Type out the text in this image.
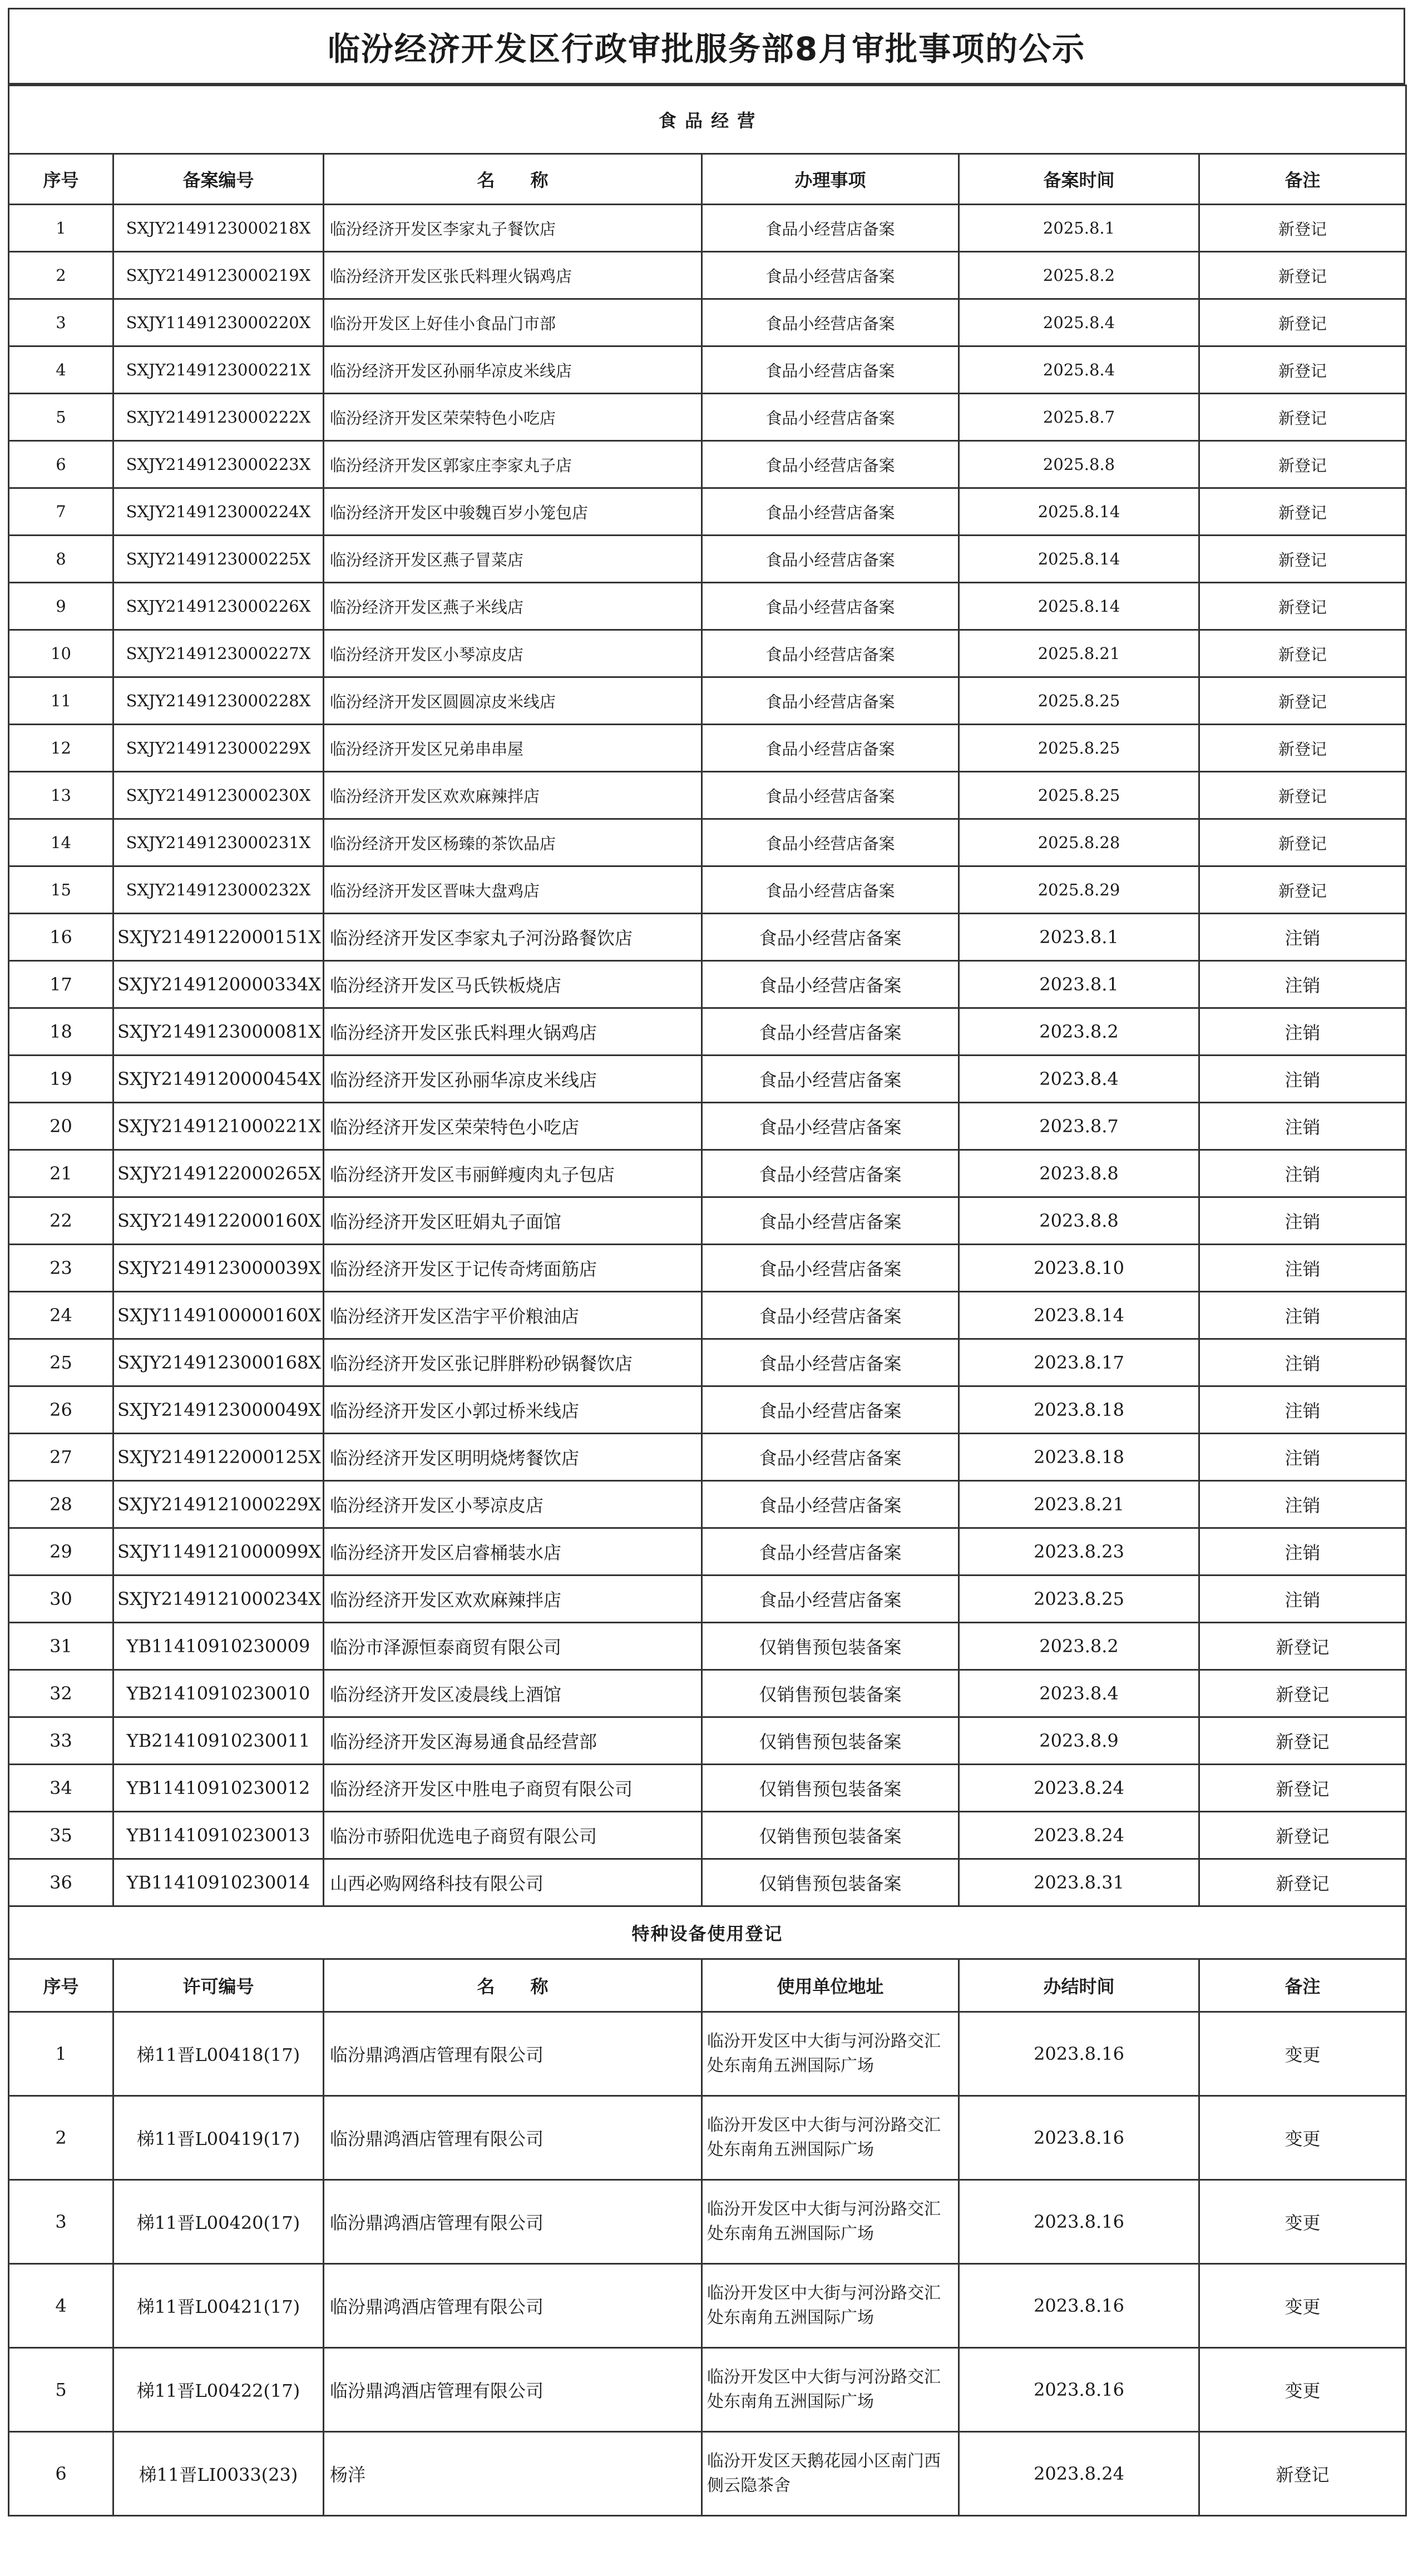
临汾经济开发区行政审批服务部8月审批事项的公示
食 品 经 营					
序号	备案编号	名　　称	办理事项	备案时间	备注
1	SXJY2149123000218X	临汾经济开发区李家丸子餐饮店	食品小经营店备案	2025.8.1	新登记
2	SXJY2149123000219X	临汾经济开发区张氏料理火锅鸡店	食品小经营店备案	2025.8.2	新登记
3	SXJY1149123000220X	临汾开发区上好佳小食品门市部	食品小经营店备案	2025.8.4	新登记
4	SXJY2149123000221X	临汾经济开发区孙丽华凉皮米线店	食品小经营店备案	2025.8.4	新登记
5	SXJY2149123000222X	临汾经济开发区荣荣特色小吃店	食品小经营店备案	2025.8.7	新登记
6	SXJY2149123000223X	临汾经济开发区郭家庄李家丸子店	食品小经营店备案	2025.8.8	新登记
7	SXJY2149123000224X	临汾经济开发区中骏魏百岁小笼包店	食品小经营店备案	2025.8.14	新登记
8	SXJY2149123000225X	临汾经济开发区燕子冒菜店	食品小经营店备案	2025.8.14	新登记
9	SXJY2149123000226X	临汾经济开发区燕子米线店	食品小经营店备案	2025.8.14	新登记
10	SXJY2149123000227X	临汾经济开发区小琴凉皮店	食品小经营店备案	2025.8.21	新登记
11	SXJY2149123000228X	临汾经济开发区圆圆凉皮米线店	食品小经营店备案	2025.8.25	新登记
12	SXJY2149123000229X	临汾经济开发区兄弟串串屋	食品小经营店备案	2025.8.25	新登记
13	SXJY2149123000230X	临汾经济开发区欢欢麻辣拌店	食品小经营店备案	2025.8.25	新登记
14	SXJY2149123000231X	临汾经济开发区杨臻的茶饮品店	食品小经营店备案	2025.8.28	新登记
15	SXJY2149123000232X	临汾经济开发区晋味大盘鸡店	食品小经营店备案	2025.8.29	新登记
16	SXJY2149122000151X	临汾经济开发区李家丸子河汾路餐饮店	食品小经营店备案	2023.8.1	注销
17	SXJY2149120000334X	临汾经济开发区马氏铁板烧店	食品小经营店备案	2023.8.1	注销
18	SXJY2149123000081X	临汾经济开发区张氏料理火锅鸡店	食品小经营店备案	2023.8.2	注销
19	SXJY2149120000454X	临汾经济开发区孙丽华凉皮米线店	食品小经营店备案	2023.8.4	注销
20	SXJY2149121000221X	临汾经济开发区荣荣特色小吃店	食品小经营店备案	2023.8.7	注销
21	SXJY2149122000265X	临汾经济开发区韦丽鲜瘦肉丸子包店	食品小经营店备案	2023.8.8	注销
22	SXJY2149122000160X	临汾经济开发区旺娟丸子面馆	食品小经营店备案	2023.8.8	注销
23	SXJY2149123000039X	临汾经济开发区于记传奇烤面筋店	食品小经营店备案	2023.8.10	注销
24	SXJY1149100000160X	临汾经济开发区浩宇平价粮油店	食品小经营店备案	2023.8.14	注销
25	SXJY2149123000168X	临汾经济开发区张记胖胖粉砂锅餐饮店	食品小经营店备案	2023.8.17	注销
26	SXJY2149123000049X	临汾经济开发区小郭过桥米线店	食品小经营店备案	2023.8.18	注销
27	SXJY2149122000125X	临汾经济开发区明明烧烤餐饮店	食品小经营店备案	2023.8.18	注销
28	SXJY2149121000229X	临汾经济开发区小琴凉皮店	食品小经营店备案	2023.8.21	注销
29	SXJY1149121000099X	临汾经济开发区启睿桶装水店	食品小经营店备案	2023.8.23	注销
30	SXJY2149121000234X	临汾经济开发区欢欢麻辣拌店	食品小经营店备案	2023.8.25	注销
31	YB11410910230009	临汾市泽源恒泰商贸有限公司	仅销售预包装备案	2023.8.2	新登记
32	YB21410910230010	临汾经济开发区凌晨线上酒馆	仅销售预包装备案	2023.8.4	新登记
33	YB21410910230011	临汾经济开发区海易通食品经营部	仅销售预包装备案	2023.8.9	新登记
34	YB11410910230012	临汾经济开发区中胜电子商贸有限公司	仅销售预包装备案	2023.8.24	新登记
35	YB11410910230013	临汾市骄阳优选电子商贸有限公司	仅销售预包装备案	2023.8.24	新登记
36	YB11410910230014	山西必购网络科技有限公司	仅销售预包装备案	2023.8.31	新登记
特种设备使用登记					
序号	许可编号	名　　称	使用单位地址	办结时间	备注
1	梯11晋L00418(17)	临汾鼎鸿酒店管理有限公司	临汾开发区中大街与河汾路交汇处东南角五洲国际广场	2023.8.16	变更
2	梯11晋L00419(17)	临汾鼎鸿酒店管理有限公司	临汾开发区中大街与河汾路交汇处东南角五洲国际广场	2023.8.16	变更
3	梯11晋L00420(17)	临汾鼎鸿酒店管理有限公司	临汾开发区中大街与河汾路交汇处东南角五洲国际广场	2023.8.16	变更
4	梯11晋L00421(17)	临汾鼎鸿酒店管理有限公司	临汾开发区中大街与河汾路交汇处东南角五洲国际广场	2023.8.16	变更
5	梯11晋L00422(17)	临汾鼎鸿酒店管理有限公司	临汾开发区中大街与河汾路交汇处东南角五洲国际广场	2023.8.16	变更
6	梯11晋LI0033(23)	杨洋	临汾开发区天鹅花园小区南门西侧云隐茶舍	2023.8.24	新登记
